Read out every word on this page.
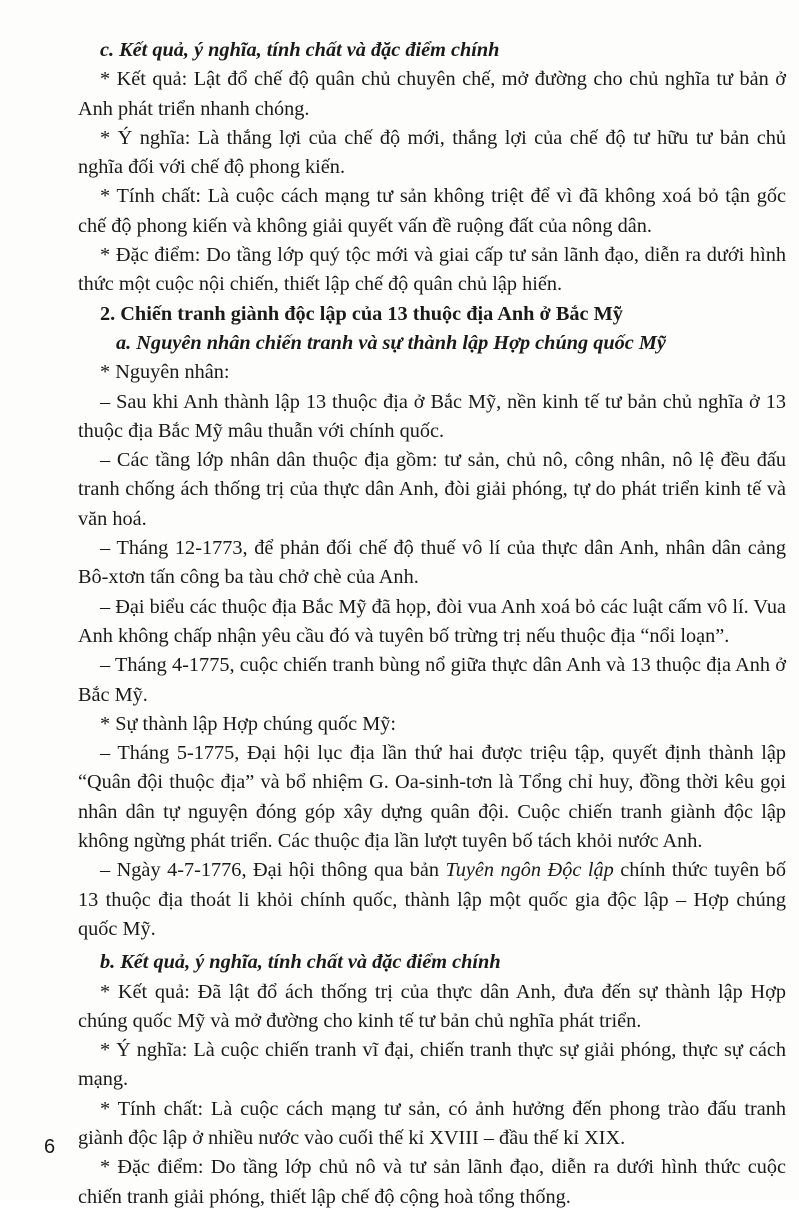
c. Kết quả, ý nghĩa, tính chất và đặc điểm chính

* Kết quả: Lật đổ chế độ quân chủ chuyên chế, mở đường cho chủ nghĩa tư bản ở Anh phát triển nhanh chóng.

* Ý nghĩa: Là thắng lợi của chế độ mới, thắng lợi của chế độ tư hữu tư bản chủ nghĩa đối với chế độ phong kiến.

* Tính chất: Là cuộc cách mạng tư sản không triệt để vì đã không xoá bỏ tận gốc chế độ phong kiến và không giải quyết vấn đề ruộng đất của nông dân.

* Đặc điểm: Do tầng lớp quý tộc mới và giai cấp tư sản lãnh đạo, diễn ra dưới hình thức một cuộc nội chiến, thiết lập chế độ quân chủ lập hiến.

2. Chiến tranh giành độc lập của 13 thuộc địa Anh ở Bắc Mỹ

a. Nguyên nhân chiến tranh và sự thành lập Hợp chúng quốc Mỹ

* Nguyên nhân:

– Sau khi Anh thành lập 13 thuộc địa ở Bắc Mỹ, nền kinh tế tư bản chủ nghĩa ở 13 thuộc địa Bắc Mỹ mâu thuẫn với chính quốc.

– Các tầng lớp nhân dân thuộc địa gồm: tư sản, chủ nô, công nhân, nô lệ đều đấu tranh chống ách thống trị của thực dân Anh, đòi giải phóng, tự do phát triển kinh tế và văn hoá.

– Tháng 12-1773, để phản đối chế độ thuế vô lí của thực dân Anh, nhân dân cảng Bô-xtơn tấn công ba tàu chở chè của Anh.

– Đại biểu các thuộc địa Bắc Mỹ đã họp, đòi vua Anh xoá bỏ các luật cấm vô lí. Vua Anh không chấp nhận yêu cầu đó và tuyên bố trừng trị nếu thuộc địa “nổi loạn”.

– Tháng 4-1775, cuộc chiến tranh bùng nổ giữa thực dân Anh và 13 thuộc địa Anh ở Bắc Mỹ.

* Sự thành lập Hợp chúng quốc Mỹ:

– Tháng 5-1775, Đại hội lục địa lần thứ hai được triệu tập, quyết định thành lập “Quân đội thuộc địa” và bổ nhiệm G. Oa-sinh-tơn là Tổng chỉ huy, đồng thời kêu gọi nhân dân tự nguyện đóng góp xây dựng quân đội. Cuộc chiến tranh giành độc lập không ngừng phát triển. Các thuộc địa lần lượt tuyên bố tách khỏi nước Anh.

– Ngày 4-7-1776, Đại hội thông qua bản Tuyên ngôn Độc lập chính thức tuyên bố 13 thuộc địa thoát li khỏi chính quốc, thành lập một quốc gia độc lập – Hợp chúng quốc Mỹ.

b. Kết quả, ý nghĩa, tính chất và đặc điểm chính

* Kết quả: Đã lật đổ ách thống trị của thực dân Anh, đưa đến sự thành lập Hợp chúng quốc Mỹ và mở đường cho kinh tế tư bản chủ nghĩa phát triển.

* Ý nghĩa: Là cuộc chiến tranh vĩ đại, chiến tranh thực sự giải phóng, thực sự cách mạng.

* Tính chất: Là cuộc cách mạng tư sản, có ảnh hưởng đến phong trào đấu tranh giành độc lập ở nhiều nước vào cuối thế kỉ XVIII – đầu thế kỉ XIX.

* Đặc điểm: Do tầng lớp chủ nô và tư sản lãnh đạo, diễn ra dưới hình thức cuộc chiến tranh giải phóng, thiết lập chế độ cộng hoà tổng thống.

6
